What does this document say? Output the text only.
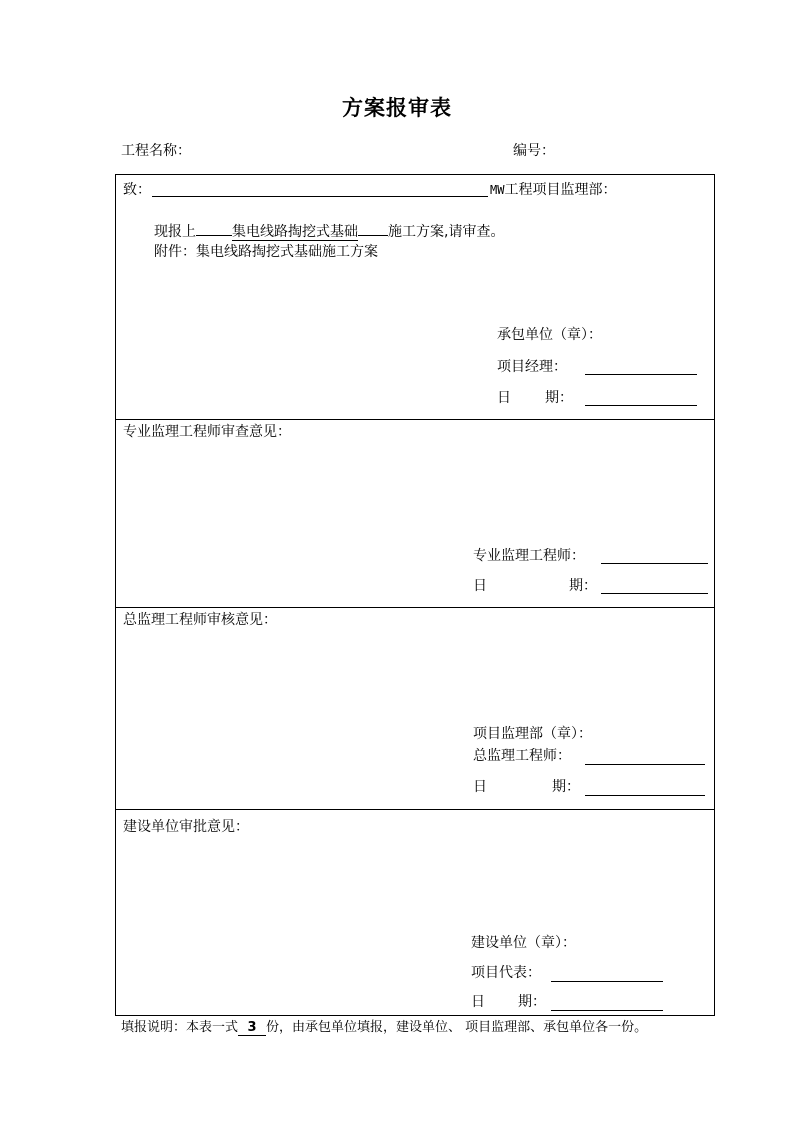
方案报审表
工程名称：	编号：
致：	MW工程项目监理部：
现报上	集电线路掏挖式基础 施工方案,请审查。
附件：集电线路掏挖式基础施工方案
承包单位（章）：
项目经理：
日 期：
专业监理工程师审查意见：
专业监理工程师：
日	期：
总监理工程师审核意见：
项目监理部（章）：
总监理工程师：
日	期：
建设单位审批意见：
建设单位（章）：
项目代表：
日 期：
填报说明：本表一式 3 份，由承包单位填报，建设单位、 项目监理部、承包单位各一份。
